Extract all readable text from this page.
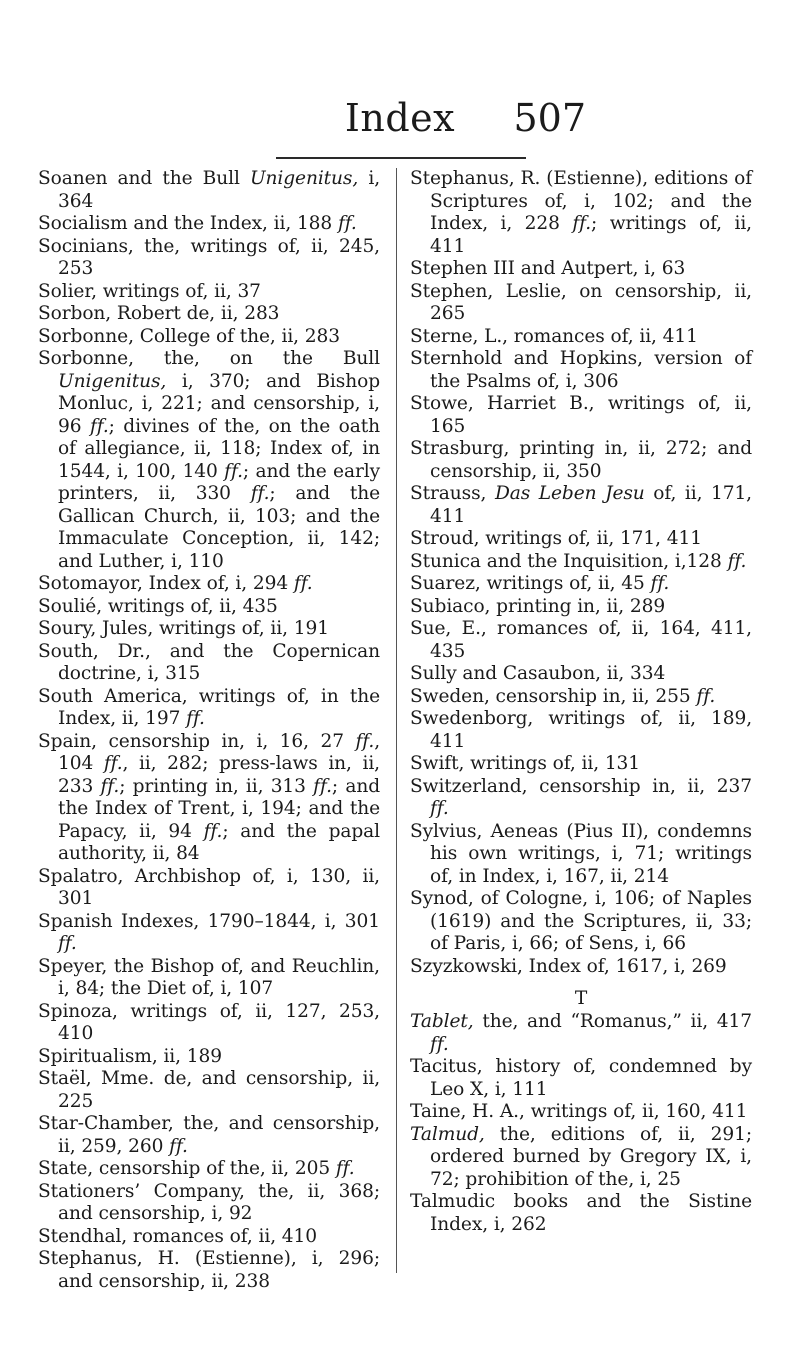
Index	507

Soanen and the Bull Unigenitus, i, 364

Socialism and the Index, ii, 188 ff.

Socinians, the, writings of, ii, 245, 253

Solier, writings of, ii, 37

Sorbon, Robert de, ii, 283

Sorbonne, College of the, ii, 283

Sorbonne, the, on the Bull Unigenitus, i, 370; and Bishop Monluc, i, 221; and censorship, i, 96 ff.; divines of the, on the oath of allegiance, ii, 118; Index of, in 1544, i, 100, 140 ff.; and the early printers, ii, 330 ff.; and the Gallican Church, ii, 103; and the Immaculate Conception, ii, 142; and Luther, i, 110

Sotomayor, Index of, i, 294 ff.

Soulié, writings of, ii, 435

Soury, Jules, writings of, ii, 191

South, Dr., and the Copernican doctrine, i, 315

South America, writings of, in the Index, ii, 197 ff.

Spain, censorship in, i, 16, 27 ff., 104 ff., ii, 282; press-laws in, ii, 233 ff.; printing in, ii, 313 ff.; and the Index of Trent, i, 194; and the Papacy, ii, 94 ff.; and the papal authority, ii, 84

Spalatro, Archbishop of, i, 130, ii, 301

Spanish Indexes, 1790–1844, i, 301 ff.

Speyer, the Bishop of, and Reuchlin, i, 84; the Diet of, i, 107

Spinoza, writings of, ii, 127, 253, 410

Spiritualism, ii, 189

Staël, Mme. de, and censorship, ii, 225

Star-Chamber, the, and censorship, ii, 259, 260 ff.

State, censorship of the, ii, 205 ff.

Stationers’ Company, the, ii, 368; and censorship, i, 92

Stendhal, romances of, ii, 410

Stephanus, H. (Estienne), i, 296; and censorship, ii, 238

Stephanus, R. (Estienne), editions of Scriptures of, i, 102; and the Index, i, 228 ff.; writings of, ii, 411

Stephen III and Autpert, i, 63

Stephen, Leslie, on censorship, ii, 265

Sterne, L., romances of, ii, 411

Sternhold and Hopkins, version of the Psalms of, i, 306

Stowe, Harriet B., writings of, ii, 165

Strasburg, printing in, ii, 272; and censorship, ii, 350

Strauss, Das Leben Jesu of, ii, 171, 411

Stroud, writings of, ii, 171, 411

Stunica and the Inquisition, i,128 ff.

Suarez, writings of, ii, 45 ff.

Subiaco, printing in, ii, 289

Sue, E., romances of, ii, 164, 411, 435

Sully and Casaubon, ii, 334

Sweden, censorship in, ii, 255 ff.

Swedenborg, writings of, ii, 189, 411

Swift, writings of, ii, 131

Switzerland, censorship in, ii, 237 ff.

Sylvius, Aeneas (Pius II), condemns his own writings, i, 71; writings of, in Index, i, 167, ii, 214

Synod, of Cologne, i, 106; of Naples (1619) and the Scriptures, ii, 33; of Paris, i, 66; of Sens, i, 66

Szyzkowski, Index of, 1617, i, 269

T

Tablet, the, and “Romanus,” ii, 417 ff.

Tacitus, history of, condemned by Leo X, i, 111

Taine, H. A., writings of, ii, 160, 411

Talmud, the, editions of, ii, 291; ordered burned by Gregory IX, i, 72; prohibition of the, i, 25

Talmudic books and the Sistine Index, i, 262
